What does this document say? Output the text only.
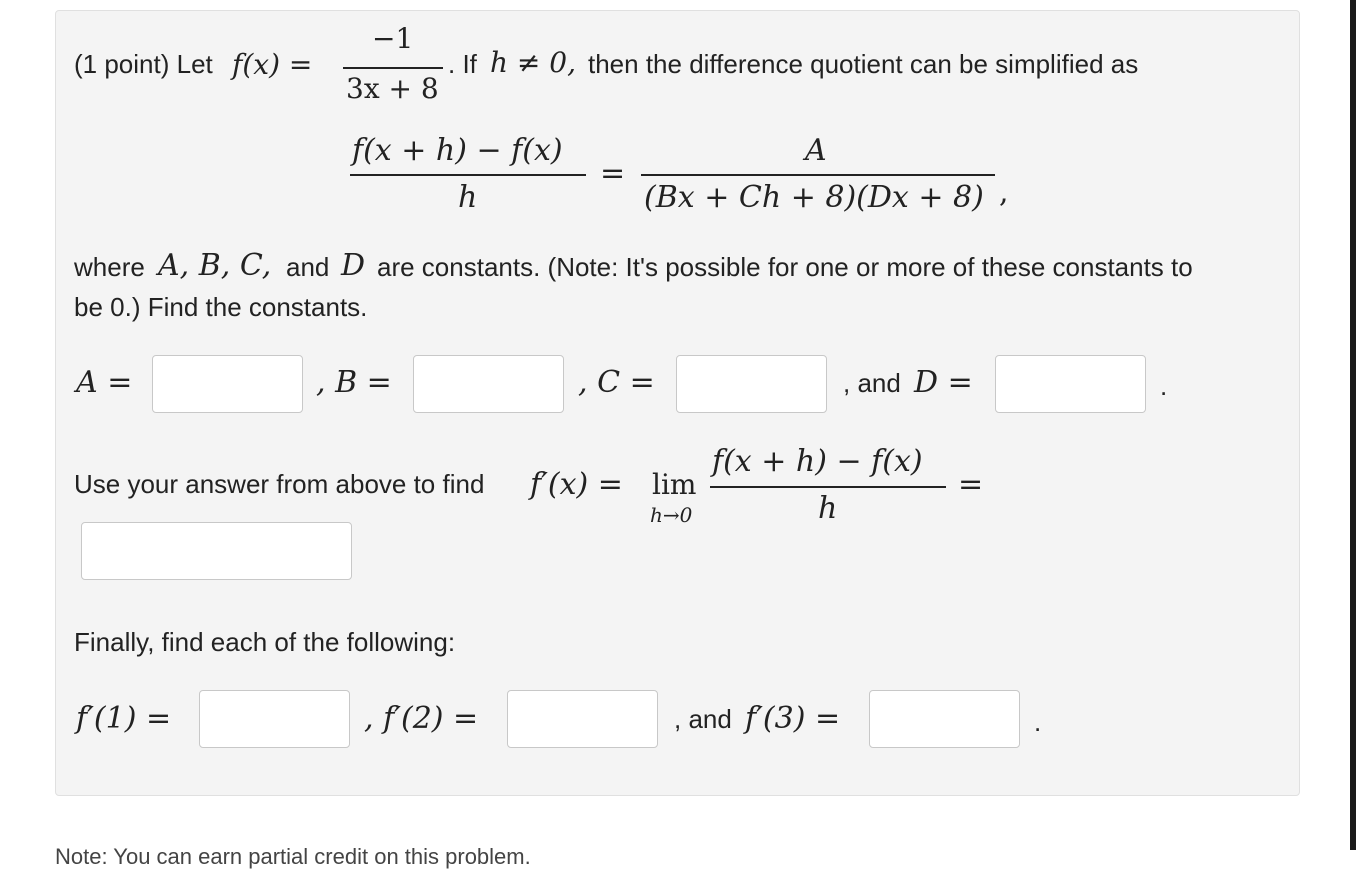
(1 point) Let f(x) =
−1
3x + 8
. If h ≠ 0, then the difference quotient can be simplified as
f(x + h) − f(x)
h
=
A
(Bx + Ch + 8)(Dx + 8) ,
where A, B, C, and D are constants. (Note: It's possible for one or more of these constants to
be 0.) Find the constants.
A =	, B =	, C =	, and D =	.
Use your answer from above to find f′(x) = lim
h→0
f(x + h) − f(x)
h
=
Finally, find each of the following:
f′(1) =	, f′(2) =	, and f′(3) =	.
Note: You can earn partial credit on this problem.
